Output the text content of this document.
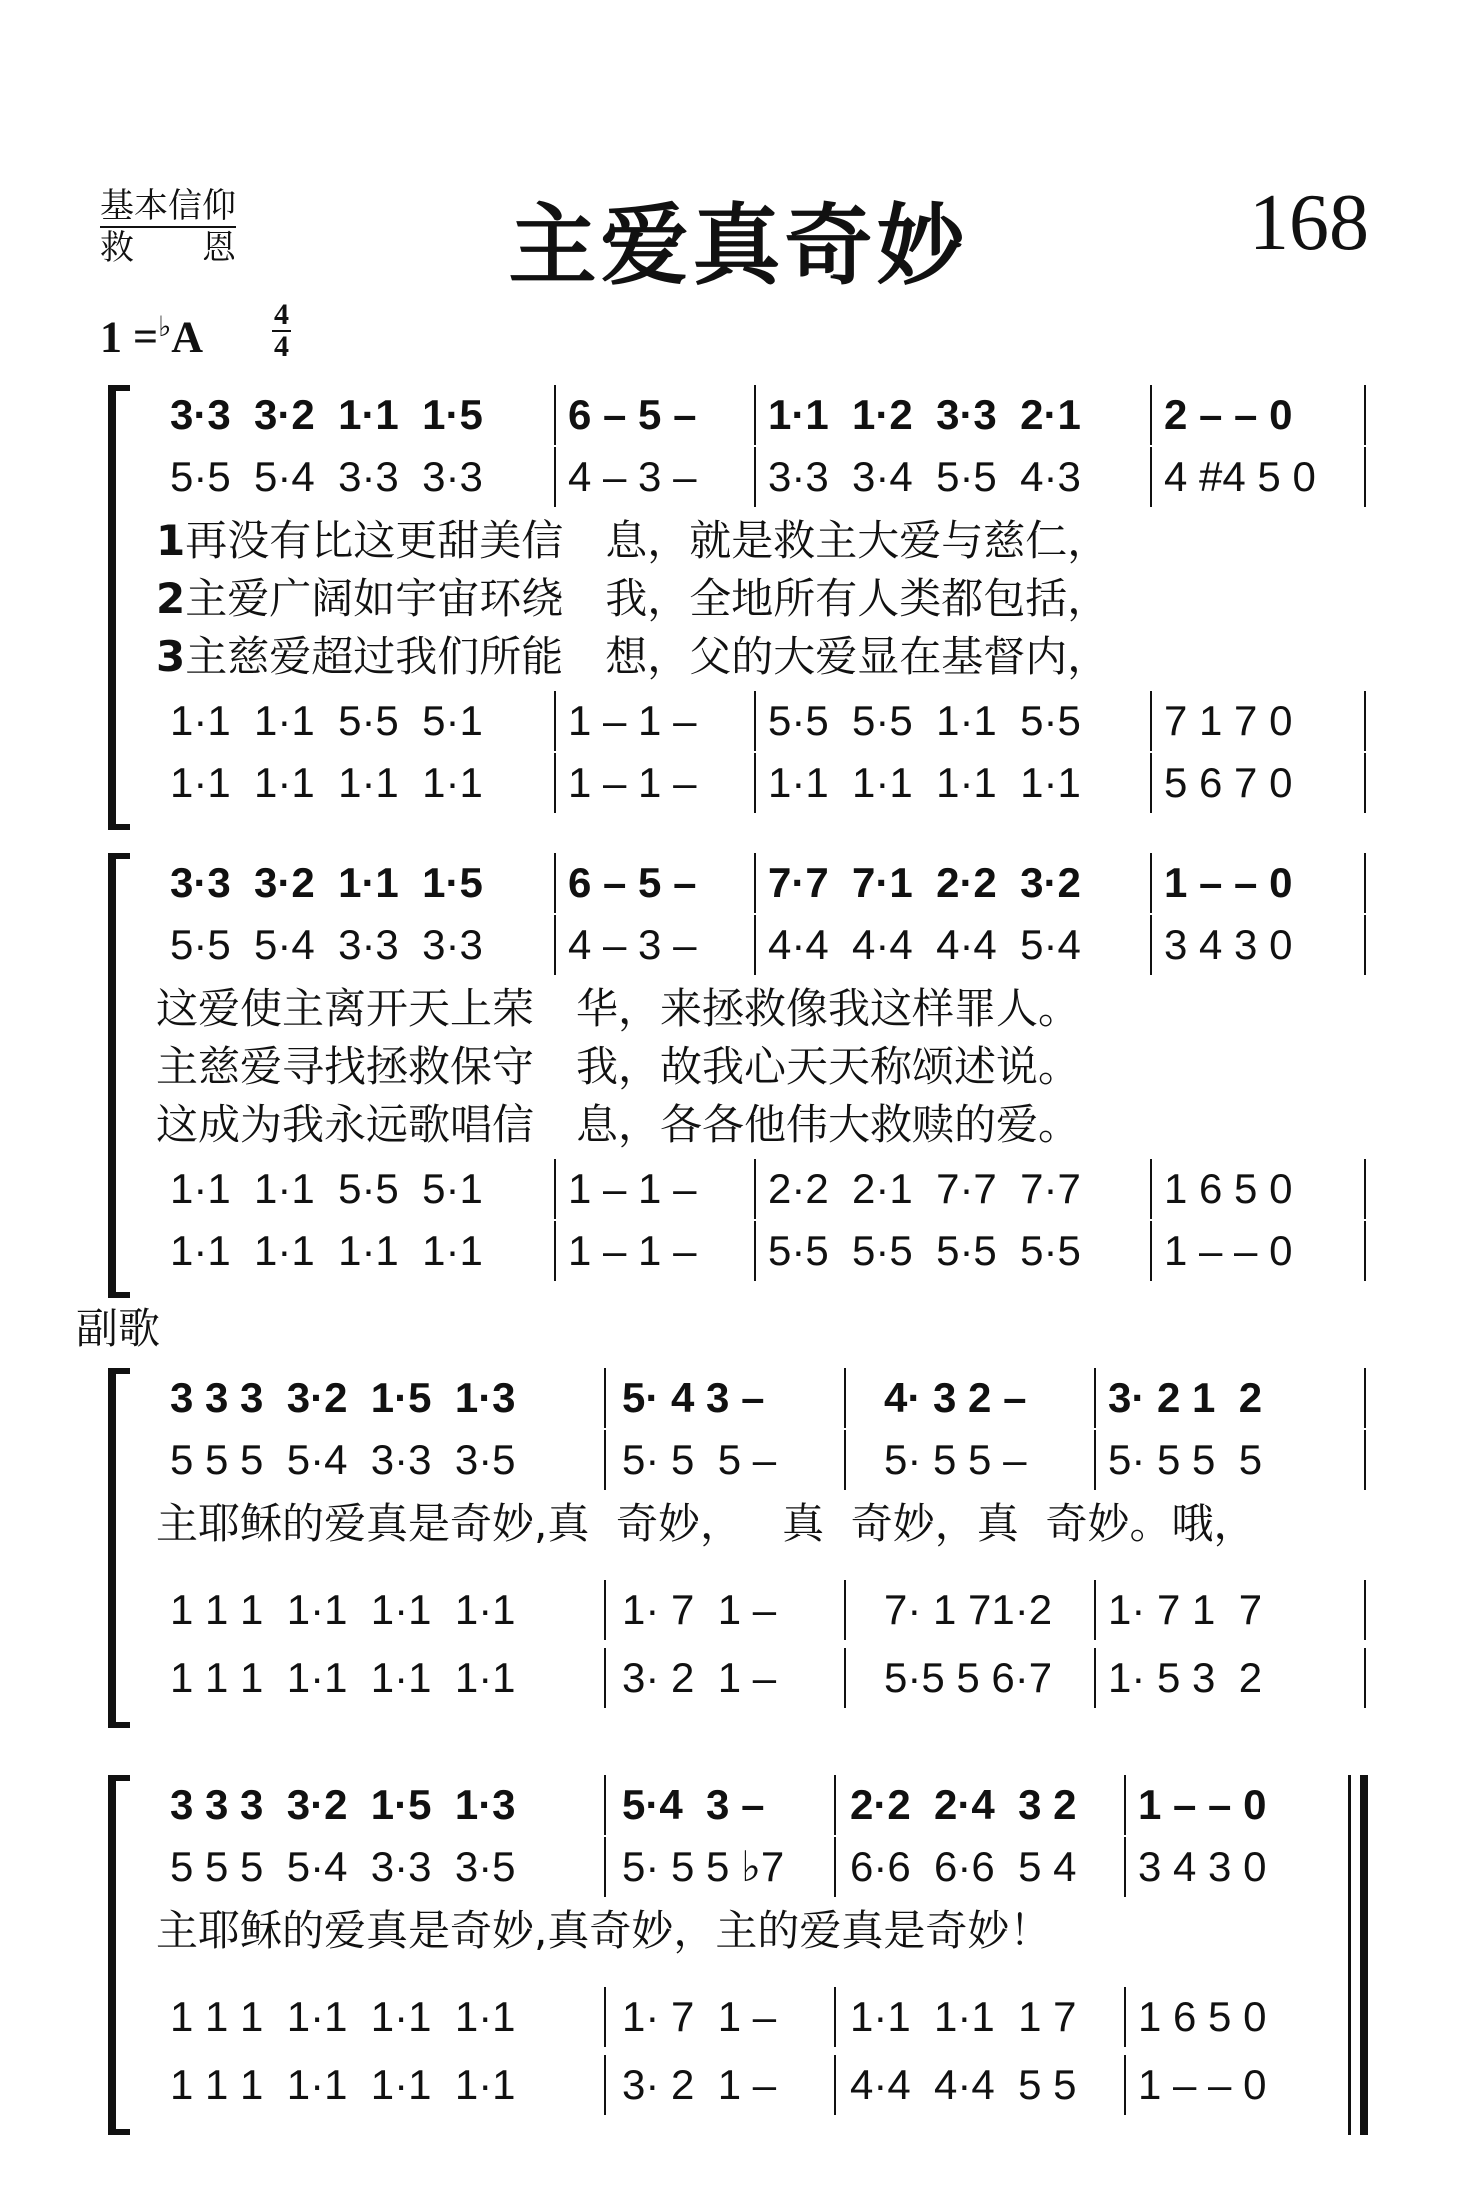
基本信仰
救　　恩	主爱真奇妙	168
1 =♭A 4
4
副歌
3·3  3·2  1·1  1·5 6 – 5 – 1·1  1·2  3·3  2·1 2 – – 0
5·5  5·4  3·3  3·3 4 – 3 – 3·3  3·4  5·5  4·3 4 #4 5 0
1再没有比这更甜美信　息，就是救主大爱与慈仁，
2主爱广阔如宇宙环绕　我，全地所有人类都包括，
3主慈爱超过我们所能　想，父的大爱显在基督内，
1·1  1·1  5·5  5·1 1 – 1 – 5·5  5·5  1·1  5·5 7 1 7 0
1·1  1·1  1·1  1·1 1 – 1 – 1·1  1·1  1·1  1·1 5 6 7 0
3·3  3·2  1·1  1·5 6 – 5 – 7·7  7·1  2·2  3·2 1 – – 0
5·5  5·4  3·3  3·3 4 – 3 – 4·4  4·4  4·4  5·4 3 4 3 0
这爱使主离开天上荣　华，来拯救像我这样罪人。
主慈爱寻找拯救保守　我，故我心天天称颂述说。
这成为我永远歌唱信　息，各各他伟大救赎的爱。
1·1  1·1  5·5  5·1 1 – 1 – 2·2  2·1  7·7  7·7 1 6 5 0
1·1  1·1  1·1  1·1 1 – 1 – 5·5  5·5  5·5  5·5 1 – – 0
3 3 3  3·2  1·5  1·3	5· 4 3 –	4· 3 2 – 3· 2 1  2
5 5 5  5·4  3·3  3·5	5· 5  5 –	5· 5 5 – 5· 5 5  5
主耶稣的爱真是奇妙,真  奇妙，   真  奇妙，真  奇妙。哦，
1 1 1  1·1  1·1  1·1	1· 7  1 –	7· 1 71·2 1· 7 1  7
1 1 1  1·1  1·1  1·1	3· 2  1 –	5·5 5 6·7 1· 5 3  2
3 3 3  3·2  1·5  1·3	5·4  3 – 2·2  2·4  3 2 1 – – 0
5 5 5  5·4  3·3  3·5	5· 5 5 ♭7 6·6  6·6  5 4 3 4 3 0
主耶稣的爱真是奇妙,真奇妙，主的爱真是奇妙！
1 1 1  1·1  1·1  1·1	1· 7  1 – 1·1  1·1  1 7 1 6 5 0
1 1 1  1·1  1·1  1·1	3· 2  1 – 4·4  4·4  5 5 1 – – 0
